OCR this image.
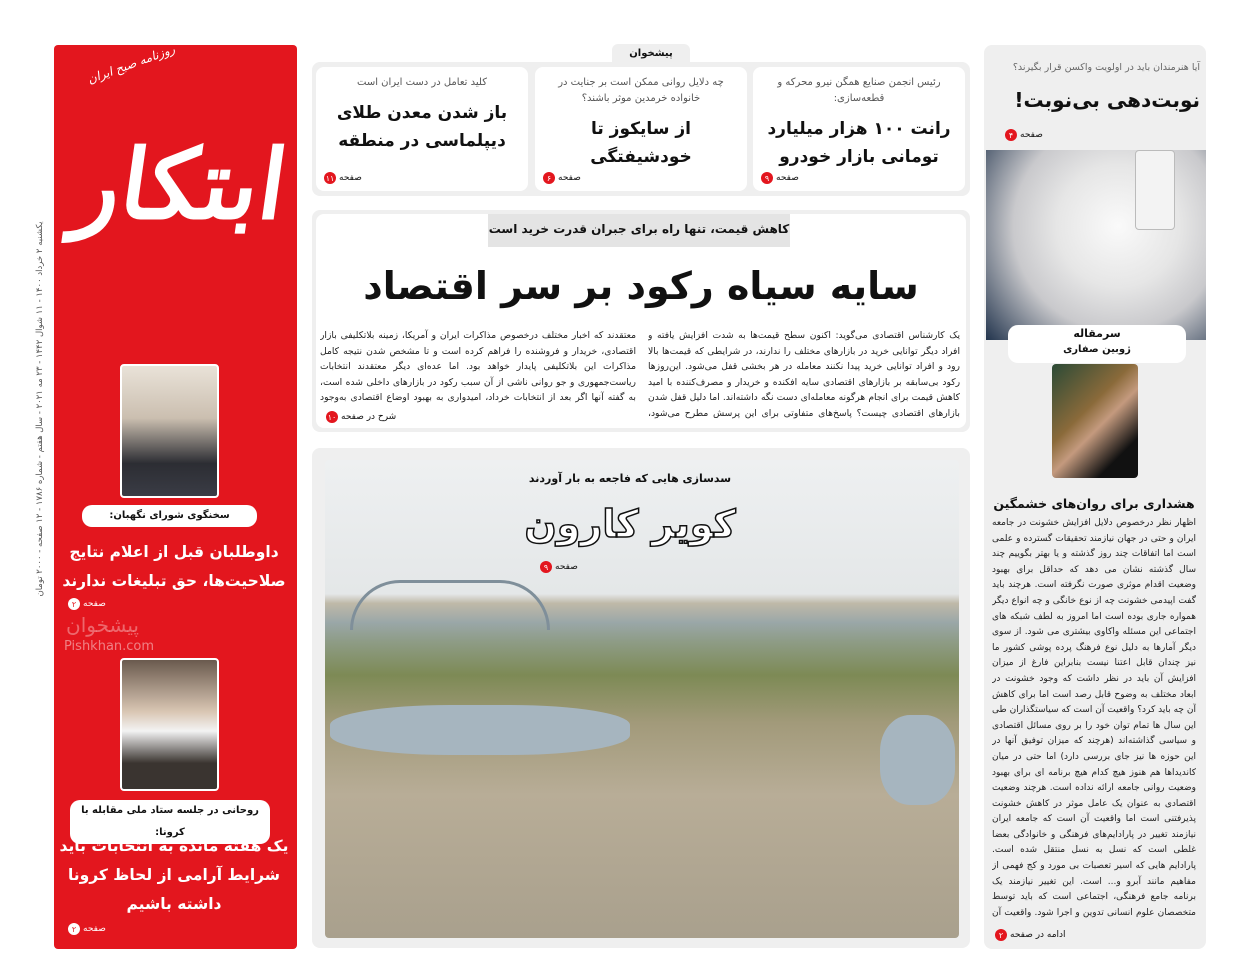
یکشنبه ۲ خرداد ۱۴۰۰ - ۱۱ شوال ۱۴۴۲ - ۲۳ مه ۲۰۲۱ - سال هفتم - شماره ۱۷۸۶ - ۱۲ صفحه - ۲۰۰۰ تومان ابتکار
روزنامه صبح ایران
سخنگوی شورای نگهبان:
داوطلبان قبل از اعلام نتایج صلاحیت‌ها، حق تبلیغات ندارند
۲ صفحه
پیشخوان
Pishkhan.com
روحانی در جلسه ستاد ملی مقابله با کرونا:
یک هفته مانده به انتخابات باید شرایط آرامی از لحاظ کرونا داشته باشیم
۲ صفحه
پیشخوان
رئیس انجمن صنایع همگن نیرو محرکه و قطعه‌سازی:
رانت ۱۰۰ هزار میلیارد تومانی بازار خودرو
۹ صفحه
چه دلایل روانی ممکن است بر جنایت در خانواده خرمدین موثر باشند؟
از سایکوز تا خودشیفتگی
۶ صفحه
کلید تعامل در دست ایران است
باز شدن معدن طلای دیپلماسی در منطقه
۱۱ صفحه
کاهش قیمت، تنها راه برای جبران قدرت خرید است
سایه سیاه رکود بر سر اقتصاد
یک کارشناس اقتصادی می‌گوید: اکنون سطح قیمت‌ها به شدت افزایش یافته و افراد دیگر توانایی خرید در بازارهای مختلف را ندارند، در شرایطی که قیمت‌ها بالا رود و افراد توانایی خرید پیدا نکنند معامله در هر بخشی قفل می‌شود. این‌روزها رکود بی‌سابقه بر بازارهای اقتصادی سایه افکنده و خریدار و مصرف‌کننده با امید کاهش قیمت برای انجام هرگونه معامله‌ای دست نگه داشته‌اند. اما دلیل قفل شدن بازارهای اقتصادی چیست؟ پاسخ‌های متفاوتی برای این پرسش مطرح می‌شود،
معتقدند که اخبار مختلف درخصوص مذاکرات ایران و آمریکا، زمینه بلاتکلیفی بازار اقتصادی، خریدار و فروشنده را فراهم کرده است و تا مشخص شدن نتیجه کامل مذاکرات این بلاتکلیفی پایدار خواهد بود. اما عده‌ای دیگر معتقدند انتخابات ریاست‌جمهوری و جو روانی ناشی از آن سبب رکود در بازارهای داخلی شده است، به گفته آنها اگر بعد از انتخابات خرداد، امیدواری به بهبود اوضاع اقتصادی به‌وجود
۱۰ شرح در صفحه
سدسازی هایی که فاجعه به بار آوردند
کویر کارون
۹ صفحه
آیا هنرمندان باید در اولویت واکسن قرار بگیرند؟
نوبت‌دهی بی‌نوبت!
۴ صفحه
سرمقاله
ژوبین صفاری
هشداری برای روان‌های خشمگین
اظهار نظر درخصوص دلایل افزایش خشونت در جامعه ایران و حتی در جهان نیازمند تحقیقات گسترده و علمی است اما اتفاقات چند روز گذشته و یا بهتر بگوییم چند سال گذشته نشان می دهد که حداقل برای بهبود وضعیت اقدام موثری صورت نگرفته است. هرچند باید گفت اپیدمی خشونت چه از نوع خانگی و چه انواع دیگر همواره جاری بوده است اما امروز به لطف شبکه های اجتماعی این مسئله واکاوی بیشتری می شود. از سوی دیگر آمارها به دلیل نوع فرهنگ پرده پوشی کشور ما نیز چندان قابل اعتنا نیست بنابراین فارغ از میزان افزایش آن باید در نظر داشت که وجود خشونت در ابعاد مختلف به وضوح قابل رصد است اما برای کاهش آن چه باید کرد؟ واقعیت آن است که سیاستگذاران طی این سال ها تمام توان خود را بر روی مسائل اقتصادی و سیاسی گذاشته‌اند (هرچند که میزان توفیق آنها در این حوزه ها نیز جای بررسی دارد) اما حتی در میان کاندیداها هم هنوز هیچ کدام هیچ برنامه ای برای بهبود وضعیت روانی جامعه ارائه نداده است. هرچند وضعیت اقتصادی به عنوان یک عامل موثر در کاهش خشونت پذیرفتنی است اما واقعیت آن است که جامعه ایران نیازمند تغییر در پارادایم‌های فرهنگی و خانوادگی بعضا غلطی است که نسل به نسل منتقل شده است. پارادایم هایی که اسیر تعصبات بی مورد و کج فهمی از مفاهیم مانند آبرو و... است. این تغییر نیازمند یک برنامه جامع فرهنگی، اجتماعی است که باید توسط متخصصان علوم انسانی تدوین و اجرا شود. واقعیت آن
۲ ادامه در صفحه
